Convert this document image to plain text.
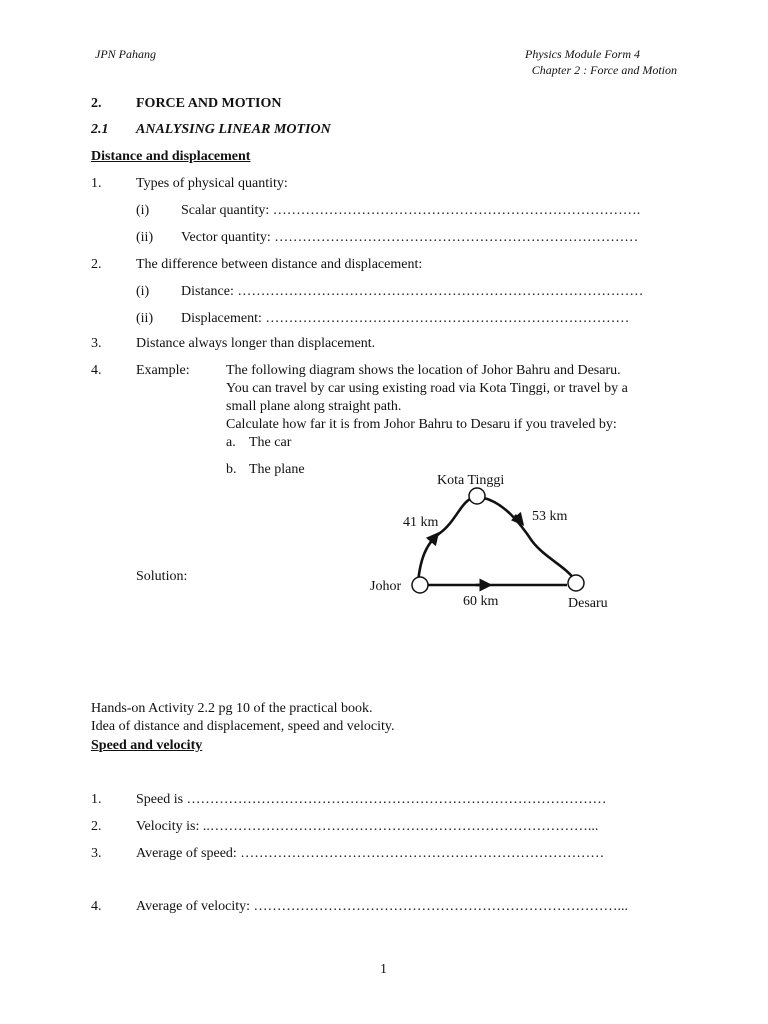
JPN Pahang	Physics Module Form 4
Chapter 2 : Force and Motion
2. FORCE AND MOTION
2.1 ANALYSING LINEAR MOTION
Distance and displacement
1. Types of physical quantity:
(i) Scalar quantity: …………………………………………………………………….
(ii) Vector quantity: ……………………………………………………………………
2. The difference between distance and displacement:
(i) Distance: ……………………………………………………………………………
(ii) Displacement: ……………………………………………………………………
3. Distance always longer than displacement.
4. Example:	The following diagram shows the location of Johor Bahru and Desaru.
You can travel by car using existing road via Kota Tinggi, or travel by a
small plane along straight path.
Calculate how far it is from Johor Bahru to Desaru if you traveled by:
a. The car
b. The plane
Solution:
Kota Tinggi
Johor
Desaru
41 km	53 km
60 km
Hands-on Activity 2.2 pg 10 of the practical book.
Idea of distance and displacement, speed and velocity.
Speed and velocity
1. Speed is ………………………………………………………………………………
2. Velocity is: ..………………………………………………………………………...
3. Average of speed: ……………………………………………………………………
4. Average of velocity: ……………………………………………………………………...
1
